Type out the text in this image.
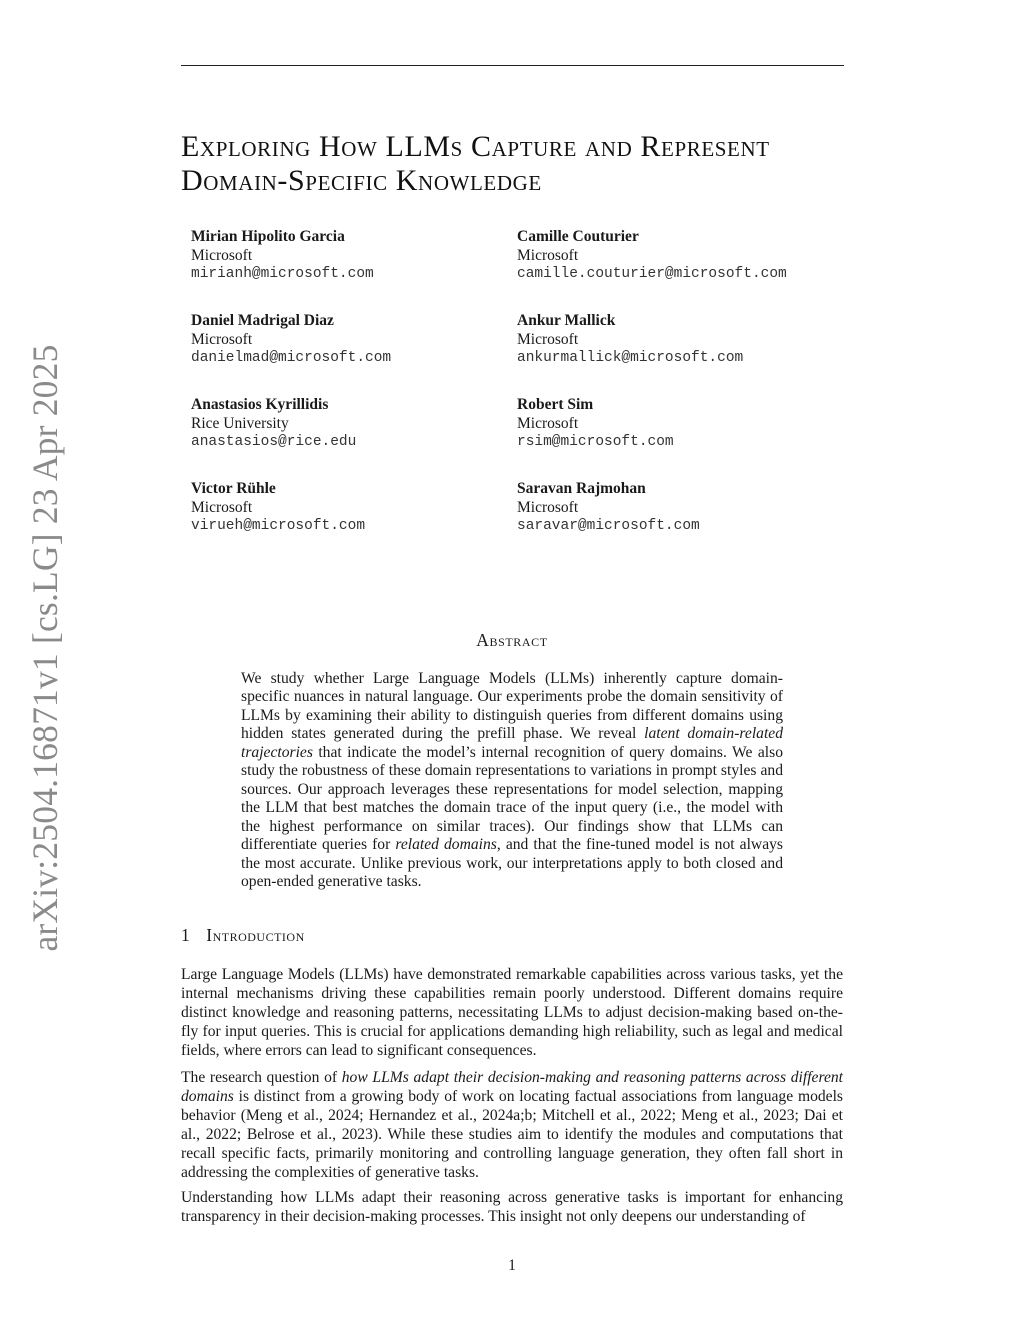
arXiv:2504.16871v1 [cs.LG] 23 Apr 2025
Exploring How LLMs Capture and Represent Domain-Specific Knowledge
Mirian Hipolito Garcia
Microsoft
mirianh@microsoft.com
Daniel Madrigal Diaz
Microsoft
danielmad@microsoft.com
Anastasios Kyrillidis
Rice University
anastasios@rice.edu
Victor Rühle
Microsoft
virueh@microsoft.com
Camille Couturier
Microsoft
camille.couturier@microsoft.com
Ankur Mallick
Microsoft
ankurmallick@microsoft.com
Robert Sim
Microsoft
rsim@microsoft.com
Saravan Rajmohan
Microsoft
saravar@microsoft.com
Abstract

We study whether Large Language Models (LLMs) inherently capture domain-specific nuances in natural language. Our experiments probe the domain sensitivity of LLMs by examining their ability to distinguish queries from different domains using hidden states generated during the prefill phase. We reveal latent domain-related trajectories that indicate the model’s internal recognition of query domains. We also study the robustness of these domain representations to variations in prompt styles and sources. Our approach leverages these representations for model selection, mapping the LLM that best matches the domain trace of the input query (i.e., the model with the highest performance on similar traces). Our findings show that LLMs can differentiate queries for related domains, and that the fine-tuned model is not always the most accurate. Unlike previous work, our interpretations apply to both closed and open-ended generative tasks.

1 Introduction

Large Language Models (LLMs) have demonstrated remarkable capabilities across various tasks, yet the internal mechanisms driving these capabilities remain poorly understood. Different domains require distinct knowledge and reasoning patterns, necessitating LLMs to adjust decision-making based on-the-fly for input queries. This is crucial for applications demanding high reliability, such as legal and medical fields, where errors can lead to significant consequences.

The research question of how LLMs adapt their decision-making and reasoning patterns across different domains is distinct from a growing body of work on locating factual associations from language models behavior (Meng et al., 2024; Hernandez et al., 2024a;b; Mitchell et al., 2022; Meng et al., 2023; Dai et al., 2022; Belrose et al., 2023). While these studies aim to identify the modules and computations that recall specific facts, primarily monitoring and controlling language generation, they often fall short in addressing the complexities of generative tasks.

Understanding how LLMs adapt their reasoning across generative tasks is important for enhancing transparency in their decision-making processes. This insight not only deepens our understanding of

1
